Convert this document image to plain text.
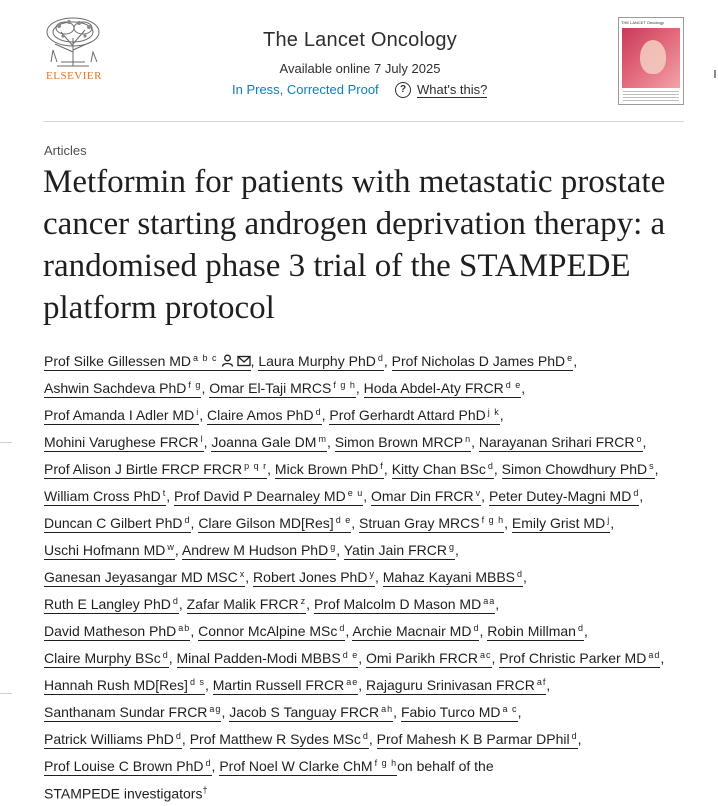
ELSEVIER
The Lancet Oncology
Available online 7 July 2025
In Press, Corrected Proof	? What's this?
THE LANCET Oncology
Articles
Metformin for patients with metastatic prostate cancer starting androgen deprivation therapy: a randomised phase 3 trial of the STAMPEDE platform protocol
Prof Silke Gillessen MD $^{a b c}$ , Laura Murphy PhD $^d$, Prof Nicholas D James PhD $^e$,
Ashwin Sachdeva PhD $^{f g}$, Omar El-Taji MRCS $^{f g h}$, Hoda Abdel-Aty FRCR $^{d e}$,
Prof Amanda I Adler MD $^i$, Claire Amos PhD $^d$, Prof Gerhardt Attard PhD $^{j k}$,
Mohini Varughese FRCR $^l$, Joanna Gale DM $^m$, Simon Brown MRCP $^n$, Narayanan Srihari FRCR $^o$,
Prof Alison J Birtle FRCP FRCR $^{p q r}$, Mick Brown PhD $^f$, Kitty Chan BSc $^d$, Simon Chowdhury PhD $^s$,
William Cross PhD $^t$, Prof David P Dearnaley MD $^{e u}$, Omar Din FRCR $^v$, Peter Dutey-Magni MD $^d$,
Duncan C Gilbert PhD $^d$, Clare Gilson MD[Res] $^{d e}$, Struan Gray MRCS $^{f g h}$, Emily Grist MD $^j$,
Uschi Hofmann MD $^w$, Andrew M Hudson PhD $^g$, Yatin Jain FRCR $^g$,
Ganesan Jeyasangar MD MSC $^x$, Robert Jones PhD $^y$, Mahaz Kayani MBBS $^d$,
Ruth E Langley PhD $^d$, Zafar Malik FRCR $^z$, Prof Malcolm D Mason MD $^{aa}$,
David Matheson PhD $^{ab}$, Connor McAlpine MSc $^d$, Archie Macnair MD $^d$, Robin Millman $^d$,
Claire Murphy BSc $^d$, Minal Padden-Modi MBBS $^{d e}$, Omi Parikh FRCR $^{ac}$, Prof Christic Parker MD $^{ad}$,
Hannah Rush MD[Res] $^{d s}$, Martin Russell FRCR $^{ae}$, Rajaguru Srinivasan FRCR $^{af}$,
Santhanam Sundar FRCR $^{ag}$, Jacob S Tanguay FRCR $^{ah}$, Fabio Turco MD $^{a c}$,
Patrick Williams PhD $^d$, Prof Matthew R Sydes MSc $^d$, Prof Mahesh K B Parmar DPhil $^d$,
Prof Louise C Brown PhD $^d$, Prof Noel W Clarke ChM $^{f g h}$on behalf of the
STAMPEDE investigators†
